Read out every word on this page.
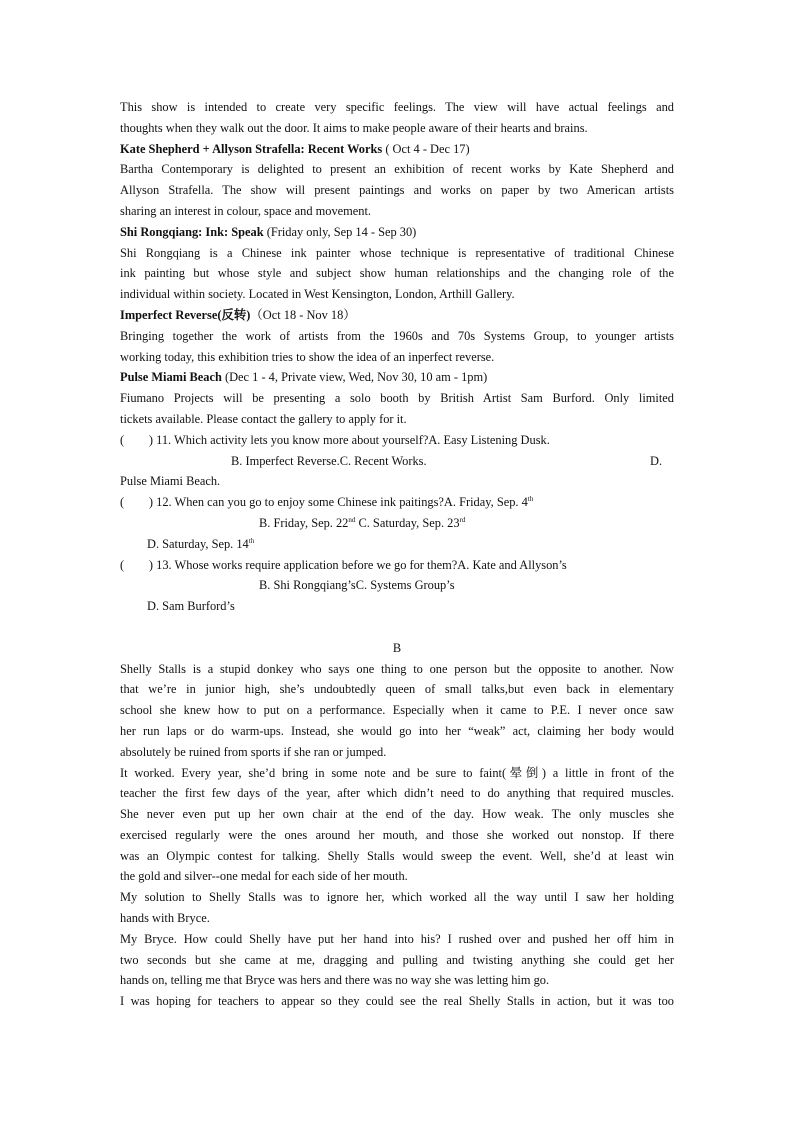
This show is intended to create very specific feelings. The view will have actual feelings and
thoughts when they walk out the door. It aims to make people aware of their hearts and brains.
Kate Shepherd + Allyson Strafella: Recent Works ( Oct 4 - Dec 17)
Bartha Contemporary is delighted to present an exhibition of recent works by Kate Shepherd and
Allyson Strafella. The show will present paintings and works on paper by two American artists
sharing an interest in colour, space and movement.
Shi Rongqiang: Ink: Speak (Friday only, Sep 14 - Sep 30)
Shi Rongqiang is a Chinese ink painter whose technique is representative of traditional Chinese
ink painting but whose style and subject show human relationships and the changing role of the
individual within society. Located in West Kensington, London, Arthill Gallery.
Imperfect Reverse(反转)（Oct 18 - Nov 18）
Bringing together the work of artists from the 1960s and 70s Systems Group, to younger artists
working today, this exhibition tries to show the idea of an inperfect reverse.
Pulse Miami Beach (Dec 1 - 4, Private view, Wed, Nov 30, 10 am - 1pm)
Fiumano Projects will be presenting a solo booth by British Artist Sam Burford. Only limited
tickets available. Please contact the gallery to apply for it.
(　　) 11. Which activity lets you know more about yourself?A. Easy Listening Dusk.
B. Imperfect Reverse.C. Recent Works.	D.
Pulse Miami Beach.
(　　) 12. When can you go to enjoy some Chinese ink paitings?A. Friday, Sep. 4th
B. Friday, Sep. 22nd C. Saturday, Sep. 23rd
D. Saturday, Sep. 14th
(　　) 13. Whose works require application before we go for them?A. Kate and Allyson’s
B. Shi Rongqiang’sC. Systems Group’s
D. Sam Burford’s
B
Shelly Stalls is a stupid donkey who says one thing to one person but the opposite to another. Now
that we’re in junior high, she’s undoubtedly queen of small talks,but even back in elementary
school she knew how to put on a performance. Especially when it came to P.E. I never once saw
her run laps or do warm-ups. Instead, she would go into her “weak” act, claiming her body would
absolutely be ruined from sports if she ran or jumped.
It worked. Every year, she’d bring in some note and be sure to faint(晕倒) a little in front of the
teacher the first few days of the year, after which didn’t need to do anything that required muscles.
She never even put up her own chair at the end of the day. How weak. The only muscles she
exercised regularly were the ones around her mouth, and those she worked out nonstop. If there
was an Olympic contest for talking. Shelly Stalls would sweep the event. Well, she’d at least win
the gold and silver--one medal for each side of her mouth.
My solution to Shelly Stalls was to ignore her, which worked all the way until I saw her holding
hands with Bryce.
My Bryce. How could Shelly have put her hand into his? I rushed over and pushed her off him in
two seconds but she came at me, dragging and pulling and twisting anything she could get her
hands on, telling me that Bryce was hers and there was no way she was letting him go.
I was hoping for teachers to appear so they could see the real Shelly Stalls in action, but it was too
